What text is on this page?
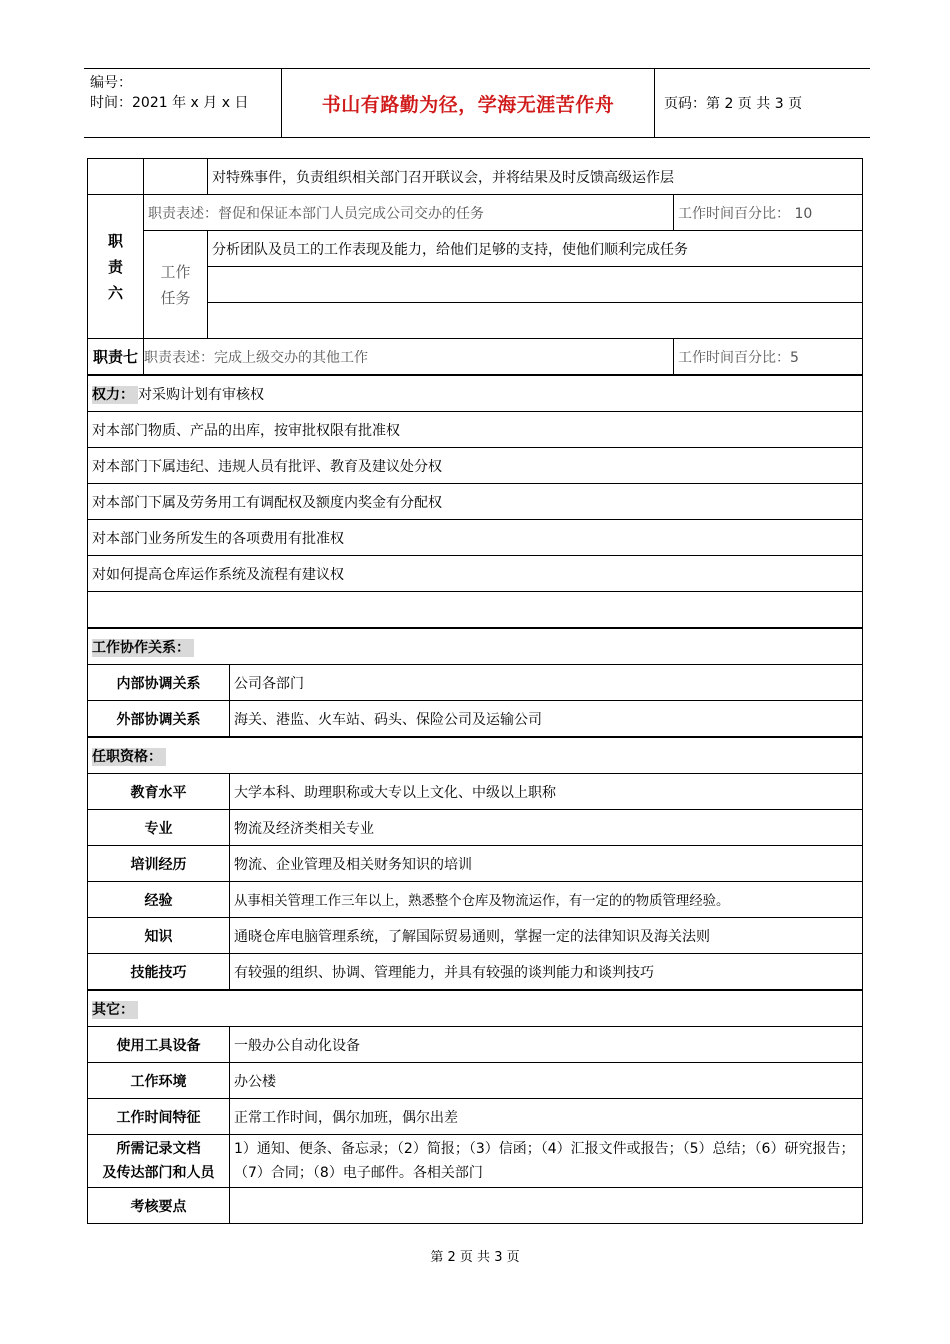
编号：
时间：2021 年 x 月 x 日	书山有路勤为径，学海无涯苦作舟	页码：第 2 页 共 3 页
		对特殊事件，负责组织相关部门召开联议会，并将结果及时反馈高级运作层		
职责六	职责表述：督促和保证本部门人员完成公司交办的任务			工作时间百分比： 10
	工作任务	分析团队及员工的工作表现及能力，给他们足够的支持，使他们顺利完成任务		

职责七	职责表述：完成上级交办的其他工作			工作时间百分比：5
权力： 对采购计划有审核权				
对本部门物质、产品的出库，按审批权限有批准权				
对本部门下属违纪、违规人员有批评、教育及建议处分权				
对本部门下属及劳务用工有调配权及额度内奖金有分配权				
对本部门业务所发生的各项费用有批准权				
对如何提高仓库运作系统及流程有建议权				

工作协作关系：				
内部协调关系			公司各部门	
外部协调关系			海关、港监、火车站、码头、保险公司及运输公司	
任职资格：				
教育水平			大学本科、助理职称或大专以上文化、中级以上职称	
专业			物流及经济类相关专业	
培训经历			物流、企业管理及相关财务知识的培训	
经验			从事相关管理工作三年以上，熟悉整个仓库及物流运作，有一定的的物质管理经验。	
知识			通晓仓库电脑管理系统，了解国际贸易通则，掌握一定的法律知识及海关法则	
技能技巧			有较强的组织、协调、管理能力，并具有较强的谈判能力和谈判技巧	
其它：				
使用工具设备			一般办公自动化设备	
工作环境			办公楼	
工作时间特征			正常工作时间，偶尔加班，偶尔出差	

所需记录文档
及传达部门和人员			1）通知、便条、备忘录；（2）简报；（3）信函；（4）汇报文件或报告；（5）总结；（6）研究报告；（7）合同；（8）电子邮件。各相关部门	
考核要点				
第 2 页 共 3 页
